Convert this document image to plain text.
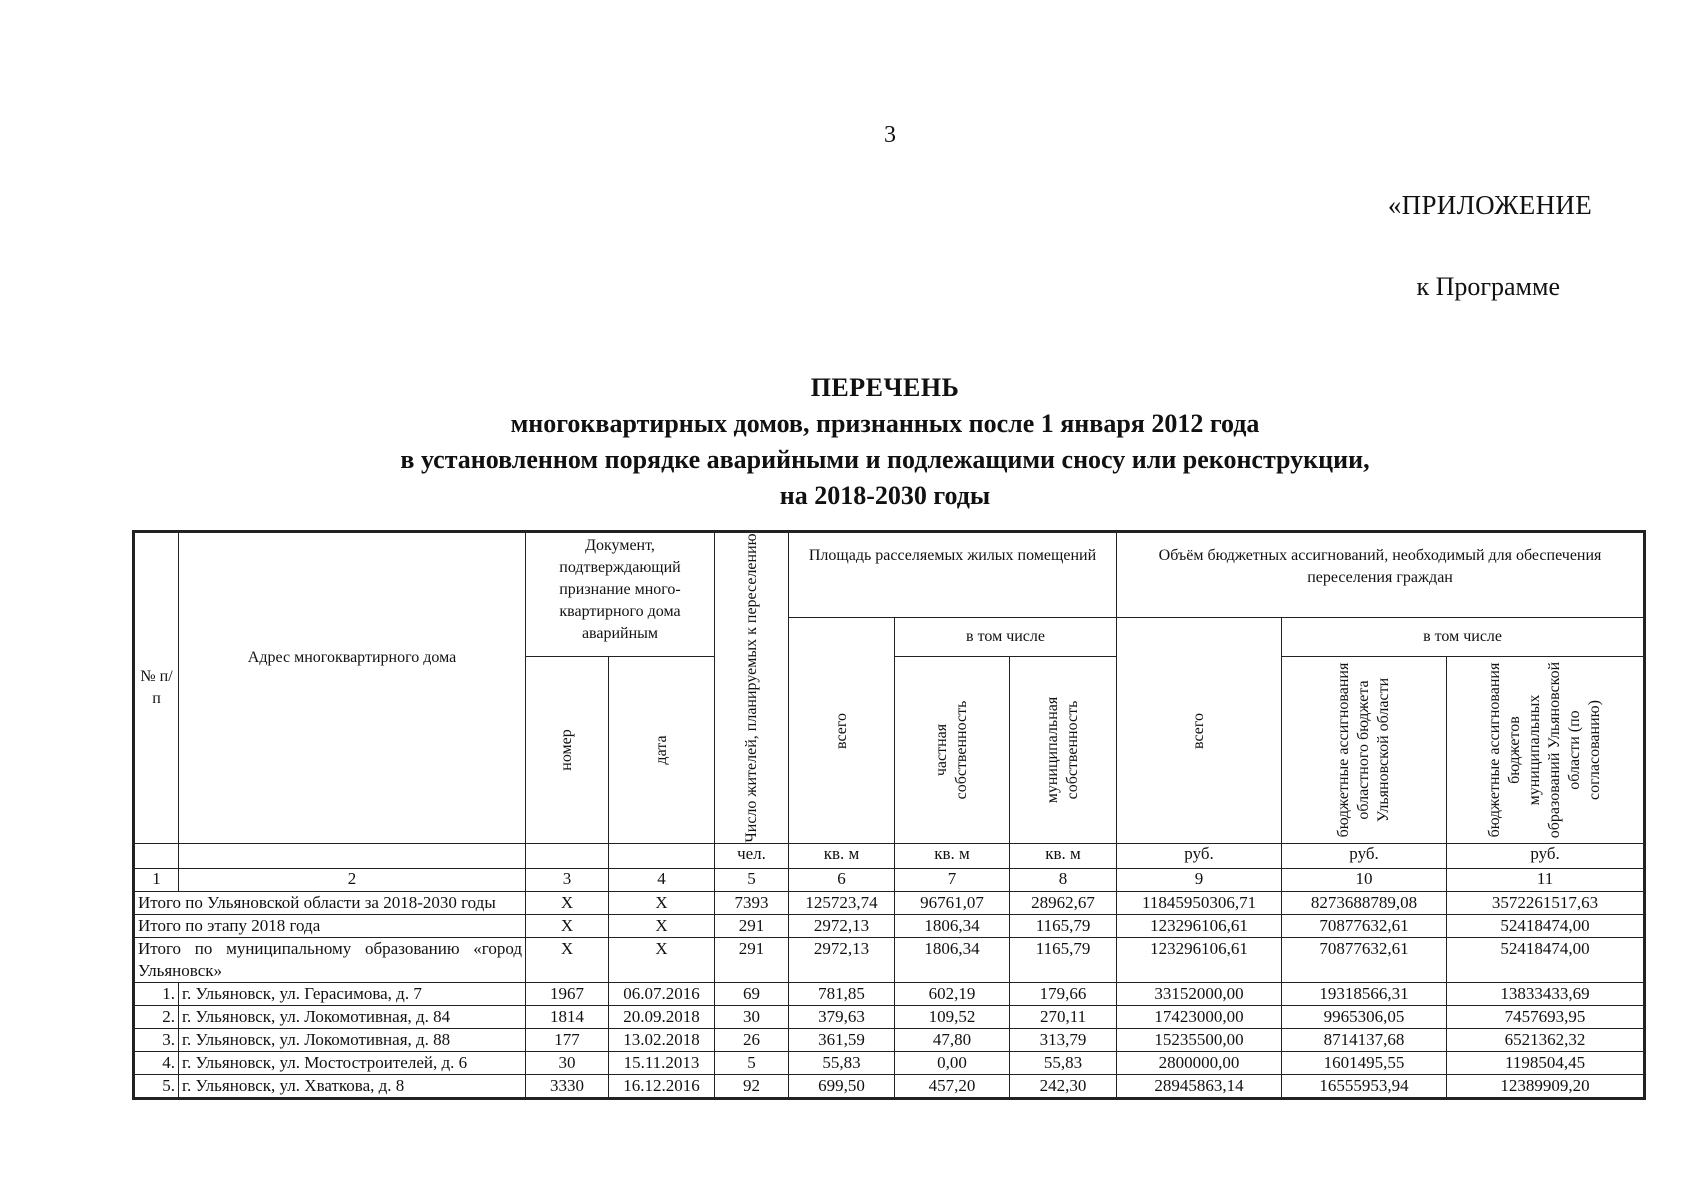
3
«ПРИЛОЖЕНИЕ
к Программе
ПЕРЕЧЕНЬ
многоквартирных домов, признанных после 1 января 2012 года
в установленном порядке аварийными и подлежащими сносу или реконструкции,
на 2018-2030 годы
№ п/п	Адрес многоквартирного дома	Документ, подтверждающий признание много-квартирного дома аварийным		Число жителей, планируемых к переселению	Площадь расселяемых жилых помещений			Объём бюджетных ассигнований, необходимый для обеспечения переселения граждан		

					всего	в том числе		всего	в том числе	

		номер	дата			частная собственность	муниципальная собственность		бюджетные ассигнования областного бюджета Ульяновской области	бюджетные ассигнования бюджетов муниципальных образований Ульяновской области (по согласованию)

				чел.	кв. м	кв. м	кв. м	руб.	руб.	руб.
1	2	3	4	5	6	7	8	9	10	11
Итого по Ульяновской области за 2018-2030 годы		Х	Х	7393	125723,74	96761,07	28962,67	11845950306,71	8273688789,08	3572261517,63
Итого по этапу 2018 года		Х	Х	291	2972,13	1806,34	1165,79	123296106,61	70877632,61	52418474,00
Итого по муниципальному образованию «город Ульяновск»		Х	Х	291	2972,13	1806,34	1165,79	123296106,61	70877632,61	52418474,00
1.	г. Ульяновск, ул. Герасимова, д. 7	1967	06.07.2016	69	781,85	602,19	179,66	33152000,00	19318566,31	13833433,69
2.	г. Ульяновск, ул. Локомотивная, д. 84	1814	20.09.2018	30	379,63	109,52	270,11	17423000,00	9965306,05	7457693,95
3.	г. Ульяновск, ул. Локомотивная, д. 88	177	13.02.2018	26	361,59	47,80	313,79	15235500,00	8714137,68	6521362,32
4.	г. Ульяновск, ул. Мостостроителей, д. 6	30	15.11.2013	5	55,83	0,00	55,83	2800000,00	1601495,55	1198504,45
5.	г. Ульяновск, ул. Хваткова, д. 8	3330	16.12.2016	92	699,50	457,20	242,30	28945863,14	16555953,94	12389909,20
